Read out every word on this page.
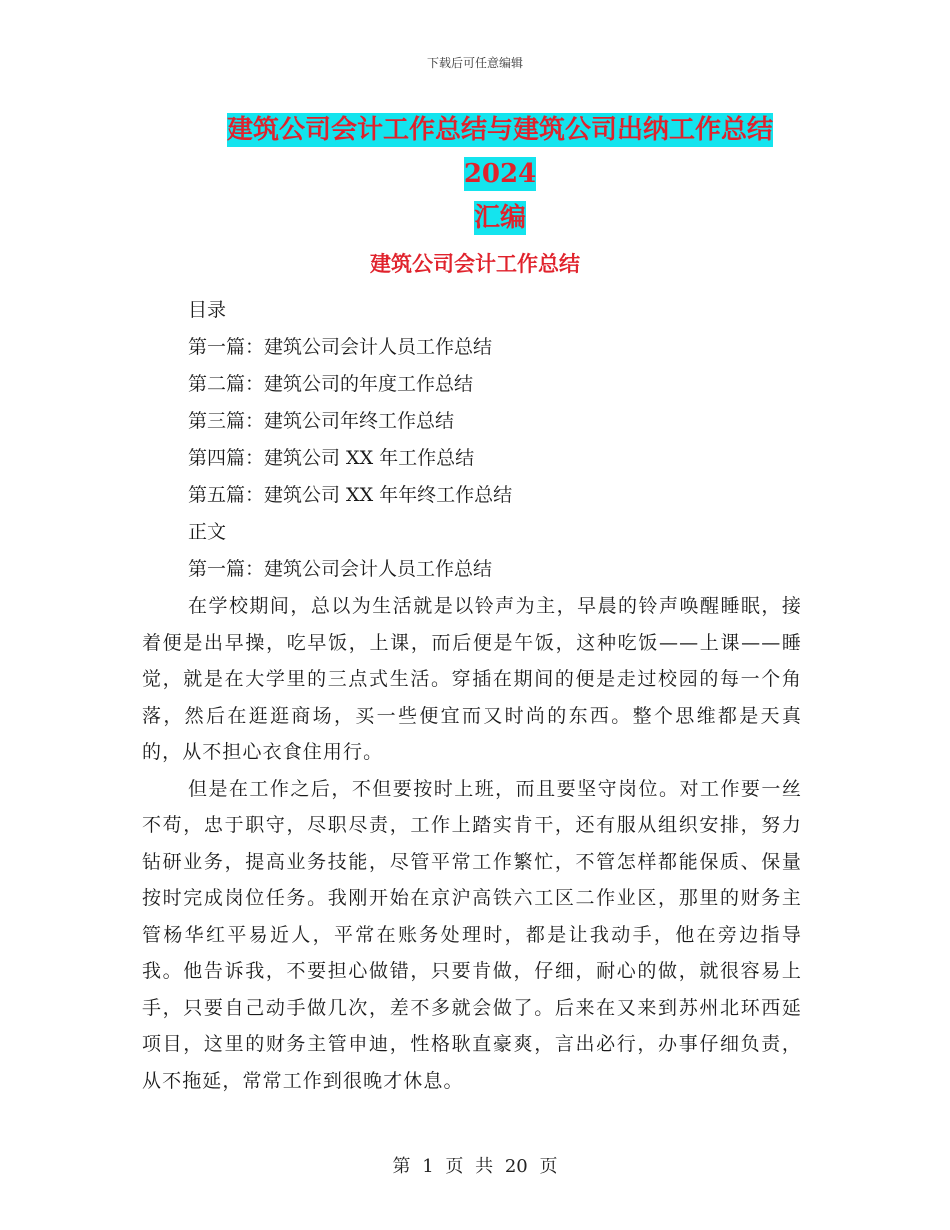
下载后可任意编辑
建筑公司会计工作总结与建筑公司出纳工作总结 2024
汇编
建筑公司会计工作总结
目录
第一篇：建筑公司会计人员工作总结
第二篇：建筑公司的年度工作总结
第三篇：建筑公司年终工作总结
第四篇：建筑公司 XX 年工作总结
第五篇：建筑公司 XX 年年终工作总结
正文
第一篇：建筑公司会计人员工作总结

在学校期间，总以为生活就是以铃声为主，早晨的铃声唤醒睡眠，接着便是出早操，吃早饭，上课，而后便是午饭，这种吃饭——上课——睡觉，就是在大学里的三点式生活。穿插在期间的便是走过校园的每一个角落，然后在逛逛商场，买一些便宜而又时尚的东西。整个思维都是天真的，从不担心衣食住用行。

但是在工作之后，不但要按时上班，而且要坚守岗位。对工作要一丝不苟，忠于职守，尽职尽责，工作上踏实肯干，还有服从组织安排，努力钻研业务，提高业务技能，尽管平常工作繁忙，不管怎样都能保质、保量按时完成岗位任务。我刚开始在京沪高铁六工区二作业区，那里的财务主管杨华红平易近人，平常在账务处理时，都是让我动手，他在旁边指导我。他告诉我，不要担心做错，只要肯做，仔细，耐心的做，就很容易上手，只要自己动手做几次，差不多就会做了。后来在又来到苏州北环西延项目，这里的财务主管申迪，性格耿直豪爽，言出必行，办事仔细负责，从不拖延，常常工作到很晚才休息。

第 1 页 共 20 页
